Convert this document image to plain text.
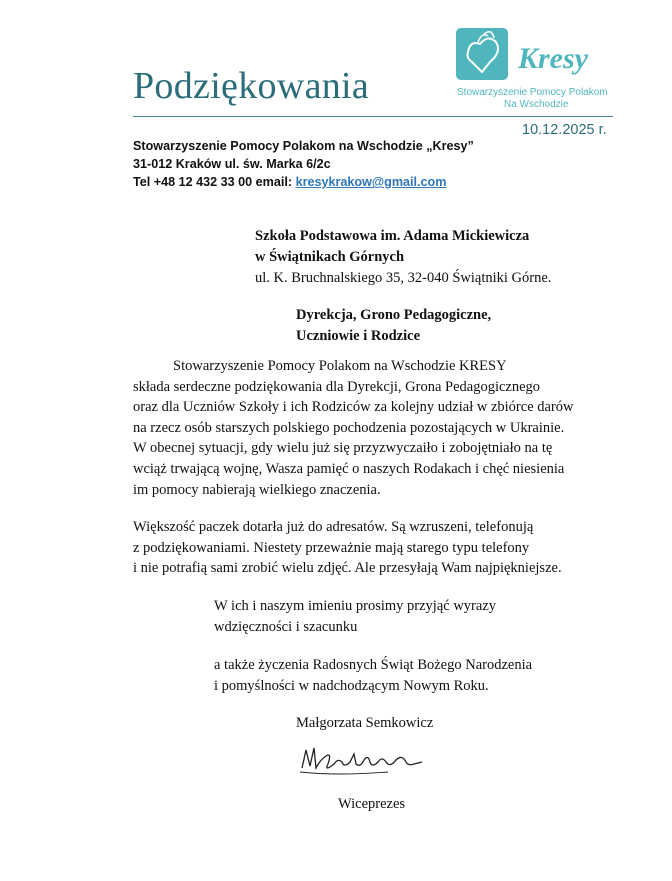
Podziękowania
Kresy
Stowarzyszenie Pomocy Polakom
Na Wschodzie
10.12.2025 r.
Stowarzyszenie Pomocy Polakom na Wschodzie „Kresy”
31-012 Kraków ul. św. Marka 6/2c
Tel +48 12 432 33 00 email: kresykrakow@gmail.com
Szkoła Podstawowa im. Adama Mickiewicza
w Świątnikach Górnych
ul. K. Bruchnalskiego 35, 32-040 Świątniki Górne.
Dyrekcja, Grono Pedagogiczne,
Uczniowie i Rodzice
Stowarzyszenie Pomocy Polakom na Wschodzie KRESY
składa serdeczne podziękowania dla Dyrekcji, Grona Pedagogicznego
oraz dla Uczniów Szkoły i ich Rodziców za kolejny udział w zbiórce darów
na rzecz osób starszych polskiego pochodzenia pozostających w Ukrainie.
W obecnej sytuacji, gdy wielu już się przyzwyczaiło i zobojętniało na tę
wciąż trwającą wojnę, Wasza pamięć o naszych Rodakach i chęć niesienia
im pomocy nabierają wielkiego znaczenia.
Większość paczek dotarła już do adresatów. Są wzruszeni, telefonują
z podziękowaniami. Niestety przeważnie mają starego typu telefony
i nie potrafią sami zrobić wielu zdjęć. Ale przesyłają Wam najpiękniejsze.
W ich i naszym imieniu prosimy przyjąć wyrazy
wdzięczności i szacunku
a także życzenia Radosnych Świąt Bożego Narodzenia
i pomyślności w nadchodzącym Nowym Roku.
Małgorzata Semkowicz
Wiceprezes
